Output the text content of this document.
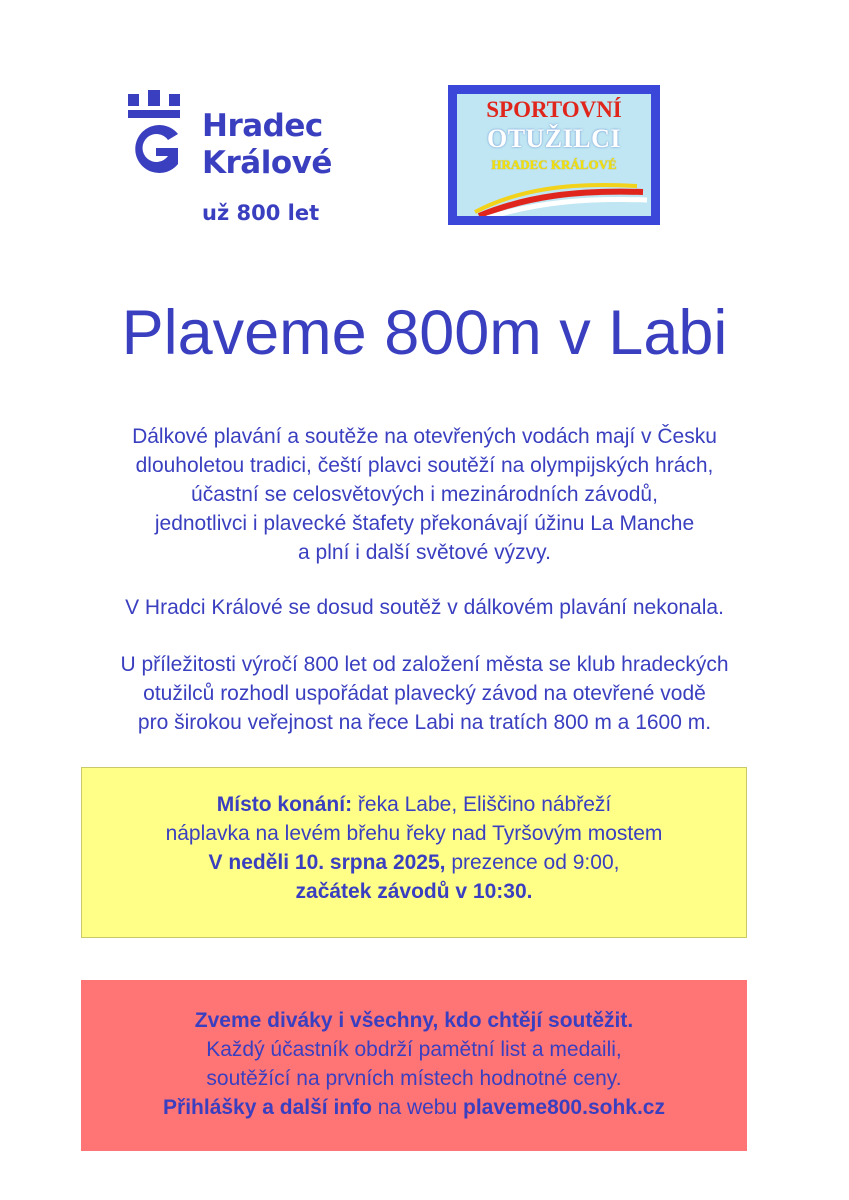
Hradec
Králové
už 800 let
SPORTOVNÍ
OTUŽILCI
HRADEC KRÁLOVÉ
Plaveme 800m v Labi

Dálkové plavání a soutěže na otevřených vodách mají v Česku
dlouholetou tradici, čeští plavci soutěží na olympijských hrách,
účastní se celosvětových i mezinárodních závodů,
jednotlivci i plavecké štafety překonávají úžinu La Manche
a plní i další světové výzvy.

V Hradci Králové se dosud soutěž v dálkovém plavání nekonala.

U příležitosti výročí 800 let od založení města se klub hradeckých
otužilců rozhodl uspořádat plavecký závod na otevřené vodě
pro širokou veřejnost na řece Labi na tratích 800 m a 1600 m.

Místo konání: řeka Labe, Eliščino nábřeží
náplavka na levém břehu řeky nad Tyršovým mostem
V neděli 10. srpna 2025, prezence od 9:00,
začátek závodů v 10:30.
Zveme diváky i všechny, kdo chtějí soutěžit.
Každý účastník obdrží pamětní list a medaili,
soutěžící na prvních místech hodnotné ceny.
Přihlášky a další info na webu plaveme800.sohk.cz
